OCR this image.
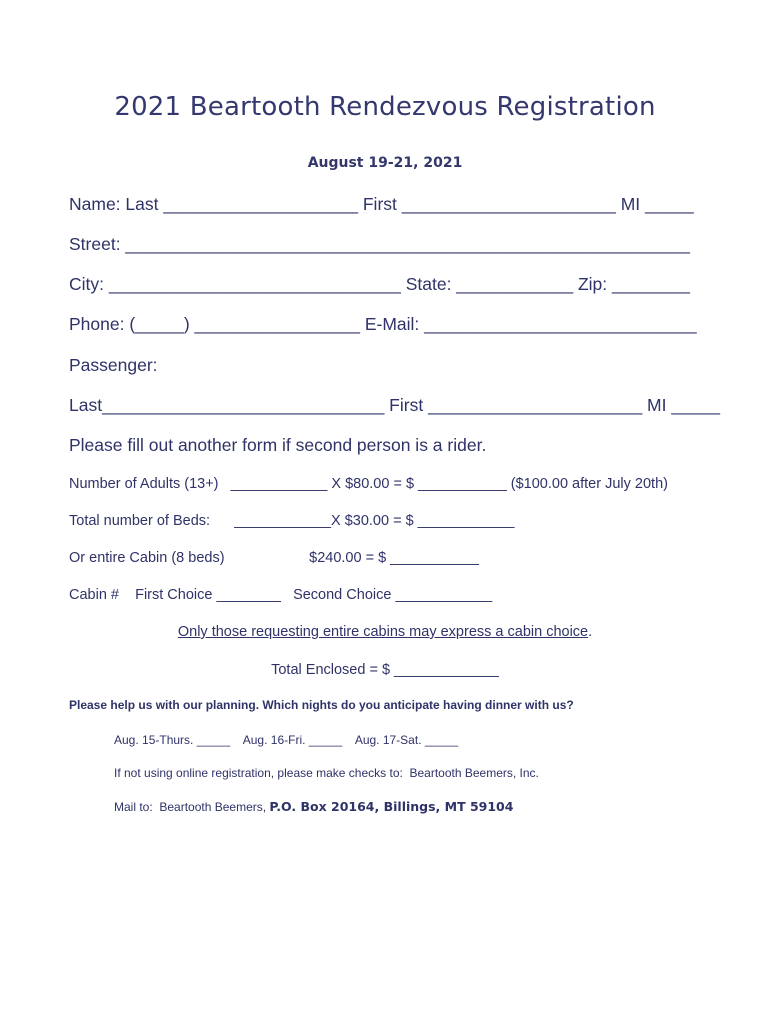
2021 Beartooth Rendezvous Registration
August 19-21, 2021
Name: Last ____________________ First ______________________ MI _____
Street: __________________________________________________________
City: ______________________________ State: ____________ Zip: ________
Phone: (_____) _________________ E-Mail: ____________________________
Passenger:
Last_____________________________ First ______________________ MI _____
Please fill out another form if second person is a rider.
Number of Adults (13+)   ____________ X $80.00 = $ ___________ ($100.00 after July 20th)
Total number of Beds:      ____________X $30.00 = $ ____________
Or entire Cabin (8 beds)                     $240.00 = $ ___________
Cabin #    First Choice ________   Second Choice ____________
Only those requesting entire cabins may express a cabin choice.
Total Enclosed = $ _____________
Please help us with our planning. Which nights do you anticipate having dinner with us?
Aug. 15-Thurs. _____    Aug. 16-Fri. _____    Aug. 17-Sat. _____
If not using online registration, please make checks to:  Beartooth Beemers, Inc.
Mail to:  Beartooth Beemers, P.O. Box 20164, Billings, MT 59104
